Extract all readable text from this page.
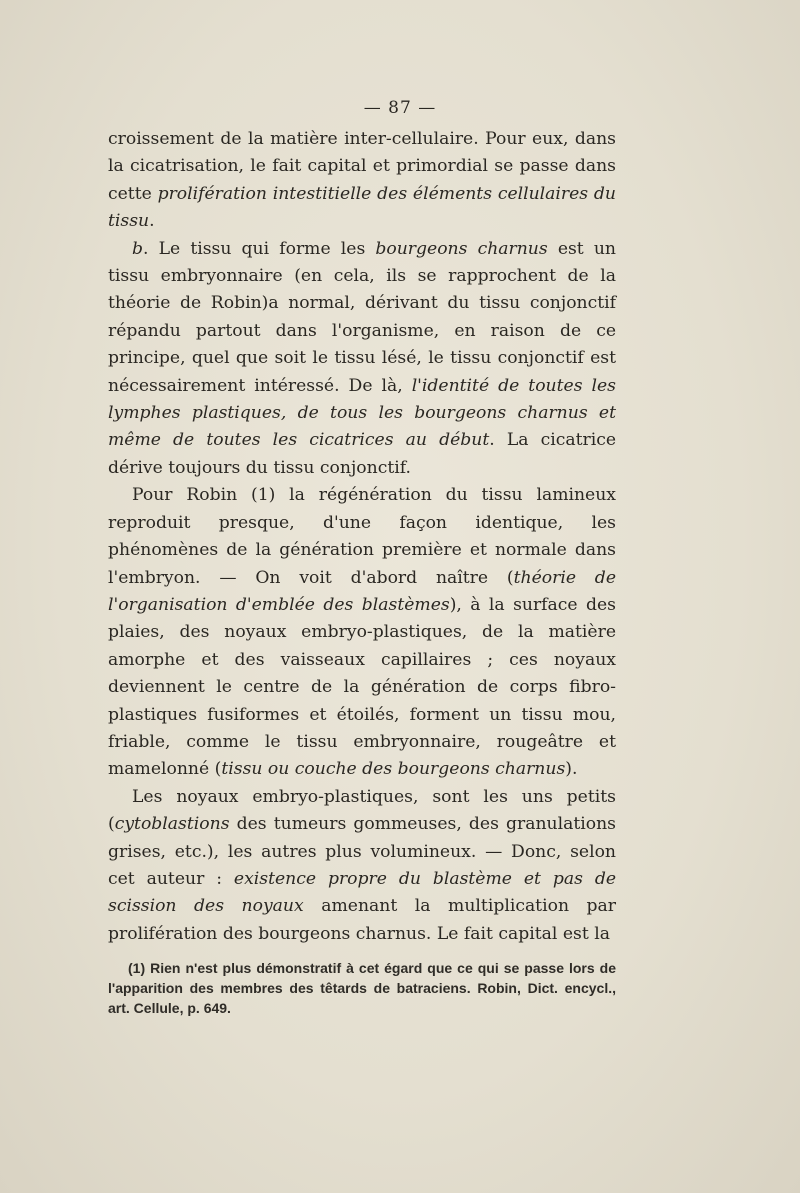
— 87 —

croissement de la matière inter-cellulaire. Pour eux, dans la cicatrisation, le fait capital et primordial se passe dans cette prolifération intestitielle des éléments cellulaires du tissu.

b. Le tissu qui forme les bourgeons charnus est un tissu embryonnaire (en cela, ils se rapprochent de la théorie de Robin)a normal, dérivant du tissu conjonctif répandu partout dans l'organisme, en raison de ce principe, quel que soit le tissu lésé, le tissu conjonctif est nécessairement intéressé. De là, l'identité de toutes les lymphes plastiques, de tous les bourgeons charnus et même de toutes les cicatrices au début. La cicatrice dérive toujours du tissu conjonctif.

Pour Robin (1) la régénération du tissu lamineux reproduit presque, d'une façon identique, les phénomènes de la génération première et normale dans l'embryon. — On voit d'abord naître (théorie de l'organisation d'emblée des blastèmes), à la surface des plaies, des noyaux embryo-plastiques, de la matière amorphe et des vaisseaux capillaires ; ces noyaux deviennent le centre de la génération de corps fibro-plastiques fusiformes et étoilés, forment un tissu mou, friable, comme le tissu embryonnaire, rougeâtre et mamelonné (tissu ou couche des bourgeons charnus).

Les noyaux embryo-plastiques, sont les uns petits (cytoblastions des tumeurs gommeuses, des granulations grises, etc.), les autres plus volumineux. — Donc, selon cet auteur : existence propre du blastème et pas de scission des noyaux amenant la multiplication par prolifération des bourgeons charnus. Le fait capital est la

(1) Rien n'est plus démonstratif à cet égard que ce qui se passe lors de l'apparition des membres des têtards de batraciens. Robin, Dict. encycl., art. Cellule, p. 649.
